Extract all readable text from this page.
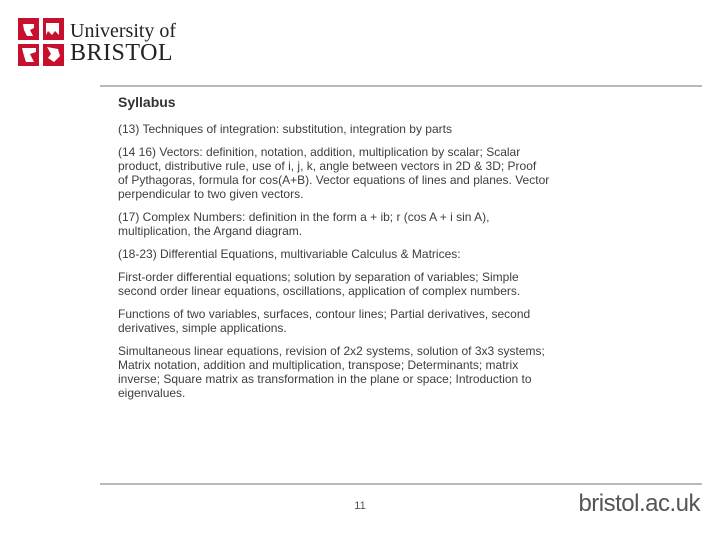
University of
BRISTOL
Syllabus

(13) Techniques of integration: substitution, integration by parts

(14 16) Vectors: definition, notation, addition, multiplication by scalar; Scalar
product, distributive rule, use of i, j, k, angle between vectors in 2D & 3D; Proof
of Pythagoras, formula for cos(A+B). Vector equations of lines and planes. Vector
perpendicular to two given vectors.

(17) Complex Numbers: definition in the form a + ib; r (cos A + i sin A),
multiplication, the Argand diagram.

(18-23) Differential Equations, multivariable Calculus & Matrices:

First-order differential equations; solution by separation of variables; Simple
second order linear equations, oscillations, application of complex numbers.

Functions of two variables, surfaces, contour lines; Partial derivatives, second
derivatives, simple applications.

Simultaneous linear equations, revision of 2x2 systems, solution of 3x3 systems;
Matrix notation, addition and multiplication, transpose; Determinants; matrix
inverse; Square matrix as transformation in the plane or space; Introduction to
eigenvalues.

11	bristol.ac.uk
